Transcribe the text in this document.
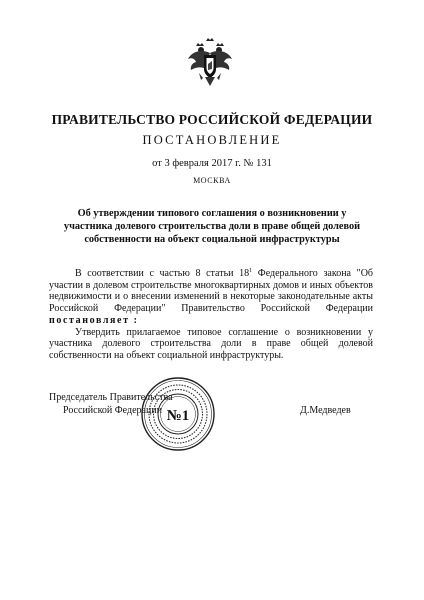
ПРАВИТЕЛЬСТВО РОССИЙСКОЙ ФЕДЕРАЦИИ
ПОСТАНОВЛЕНИЕ
от 3 февраля 2017 г. № 131
МОСКВА
Об утверждении типового соглашения о возникновении у участника долевого строительства доли в праве общей долевой собственности на объект социальной инфраструктуры

В соответствии с частью 8 статьи $18^1$ Федерального закона "Об участии в долевом строительстве многоквартирных домов и иных объектов недвижимости и о внесении изменений в некоторые законодательные акты Российской Федерации" Правительство Российской Федерации постановляет :

Утвердить прилагаемое типовое соглашение о возникновении у участника долевого строительства доли в праве общей долевой собственности на объект социальной инфраструктуры.

Председатель Правительства
Российской Федерации	Д.Медведев
№1
